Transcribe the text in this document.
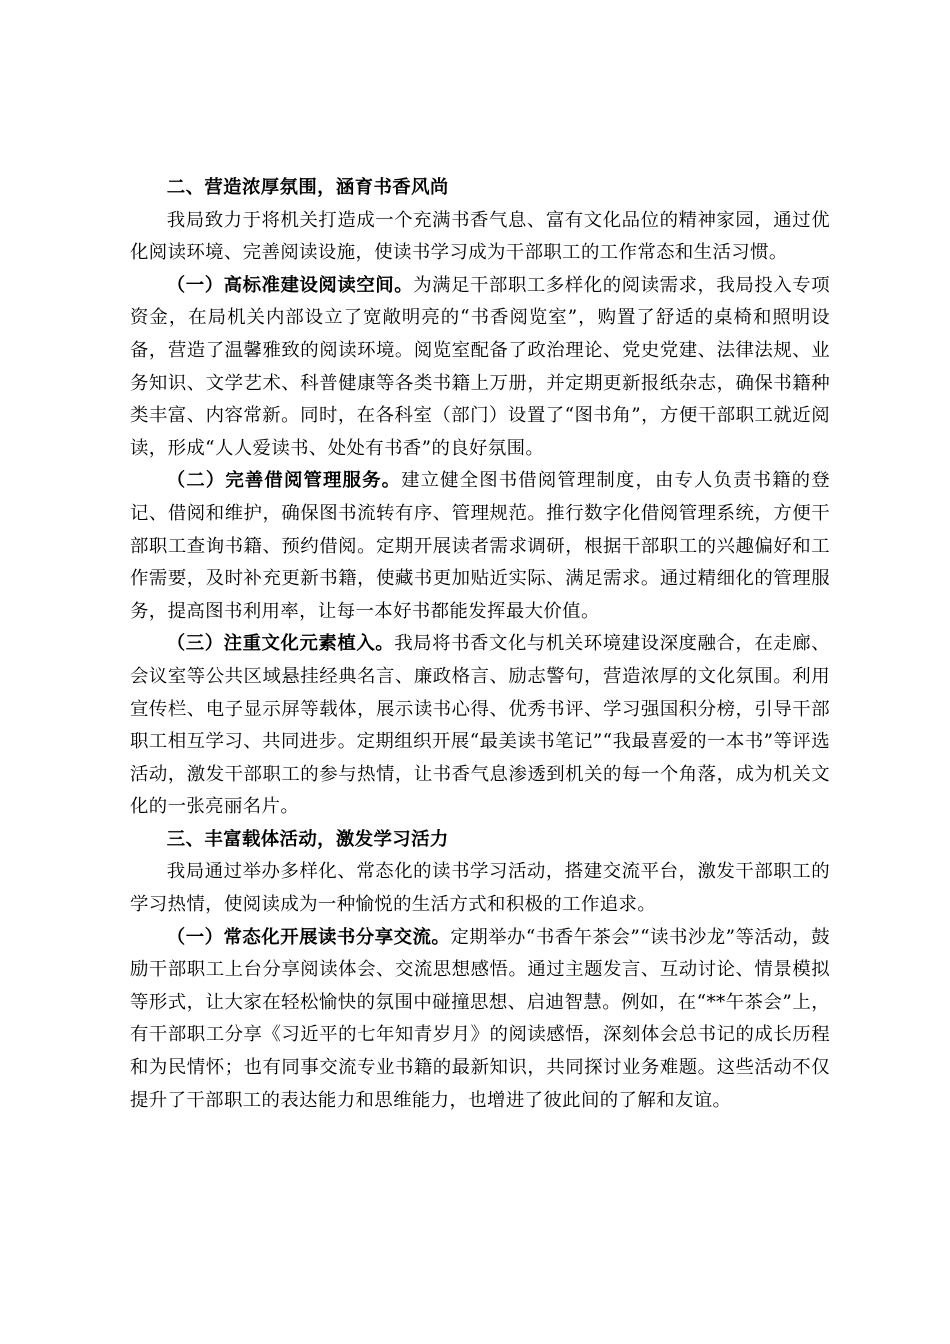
二、营造浓厚氛围，涵育书香风尚

我局致力于将机关打造成一个充满书香气息、富有文化品位的精神家园，通过优化阅读环境、完善阅读设施，使读书学习成为干部职工的工作常态和生活习惯。

（一）高标准建设阅读空间。为满足干部职工多样化的阅读需求，我局投入专项资金，在局机关内部设立了宽敞明亮的“书香阅览室”，购置了舒适的桌椅和照明设备，营造了温馨雅致的阅读环境。阅览室配备了政治理论、党史党建、法律法规、业务知识、文学艺术、科普健康等各类书籍上万册，并定期更新报纸杂志，确保书籍种类丰富、内容常新。同时，在各科室（部门）设置了“图书角”，方便干部职工就近阅读，形成“人人爱读书、处处有书香”的良好氛围。

（二）完善借阅管理服务。建立健全图书借阅管理制度，由专人负责书籍的登记、借阅和维护，确保图书流转有序、管理规范。推行数字化借阅管理系统，方便干部职工查询书籍、预约借阅。定期开展读者需求调研，根据干部职工的兴趣偏好和工作需要，及时补充更新书籍，使藏书更加贴近实际、满足需求。通过精细化的管理服务，提高图书利用率，让每一本好书都能发挥最大价值。

（三）注重文化元素植入。我局将书香文化与机关环境建设深度融合，在走廊、会议室等公共区域悬挂经典名言、廉政格言、励志警句，营造浓厚的文化氛围。利用宣传栏、电子显示屏等载体，展示读书心得、优秀书评、学习强国积分榜，引导干部职工相互学习、共同进步。定期组织开展“最美读书笔记”“我最喜爱的一本书”等评选活动，激发干部职工的参与热情，让书香气息渗透到机关的每一个角落，成为机关文化的一张亮丽名片。

三、丰富载体活动，激发学习活力

我局通过举办多样化、常态化的读书学习活动，搭建交流平台，激发干部职工的学习热情，使阅读成为一种愉悦的生活方式和积极的工作追求。

（一）常态化开展读书分享交流。定期举办“书香午茶会”“读书沙龙”等活动，鼓励干部职工上台分享阅读体会、交流思想感悟。通过主题发言、互动讨论、情景模拟等形式，让大家在轻松愉快的氛围中碰撞思想、启迪智慧。例如，在“**午茶会”上，有干部职工分享《习近平的七年知青岁月》的阅读感悟，深刻体会总书记的成长历程和为民情怀；也有同事交流专业书籍的最新知识，共同探讨业务难题。这些活动不仅提升了干部职工的表达能力和思维能力，也增进了彼此间的了解和友谊。
